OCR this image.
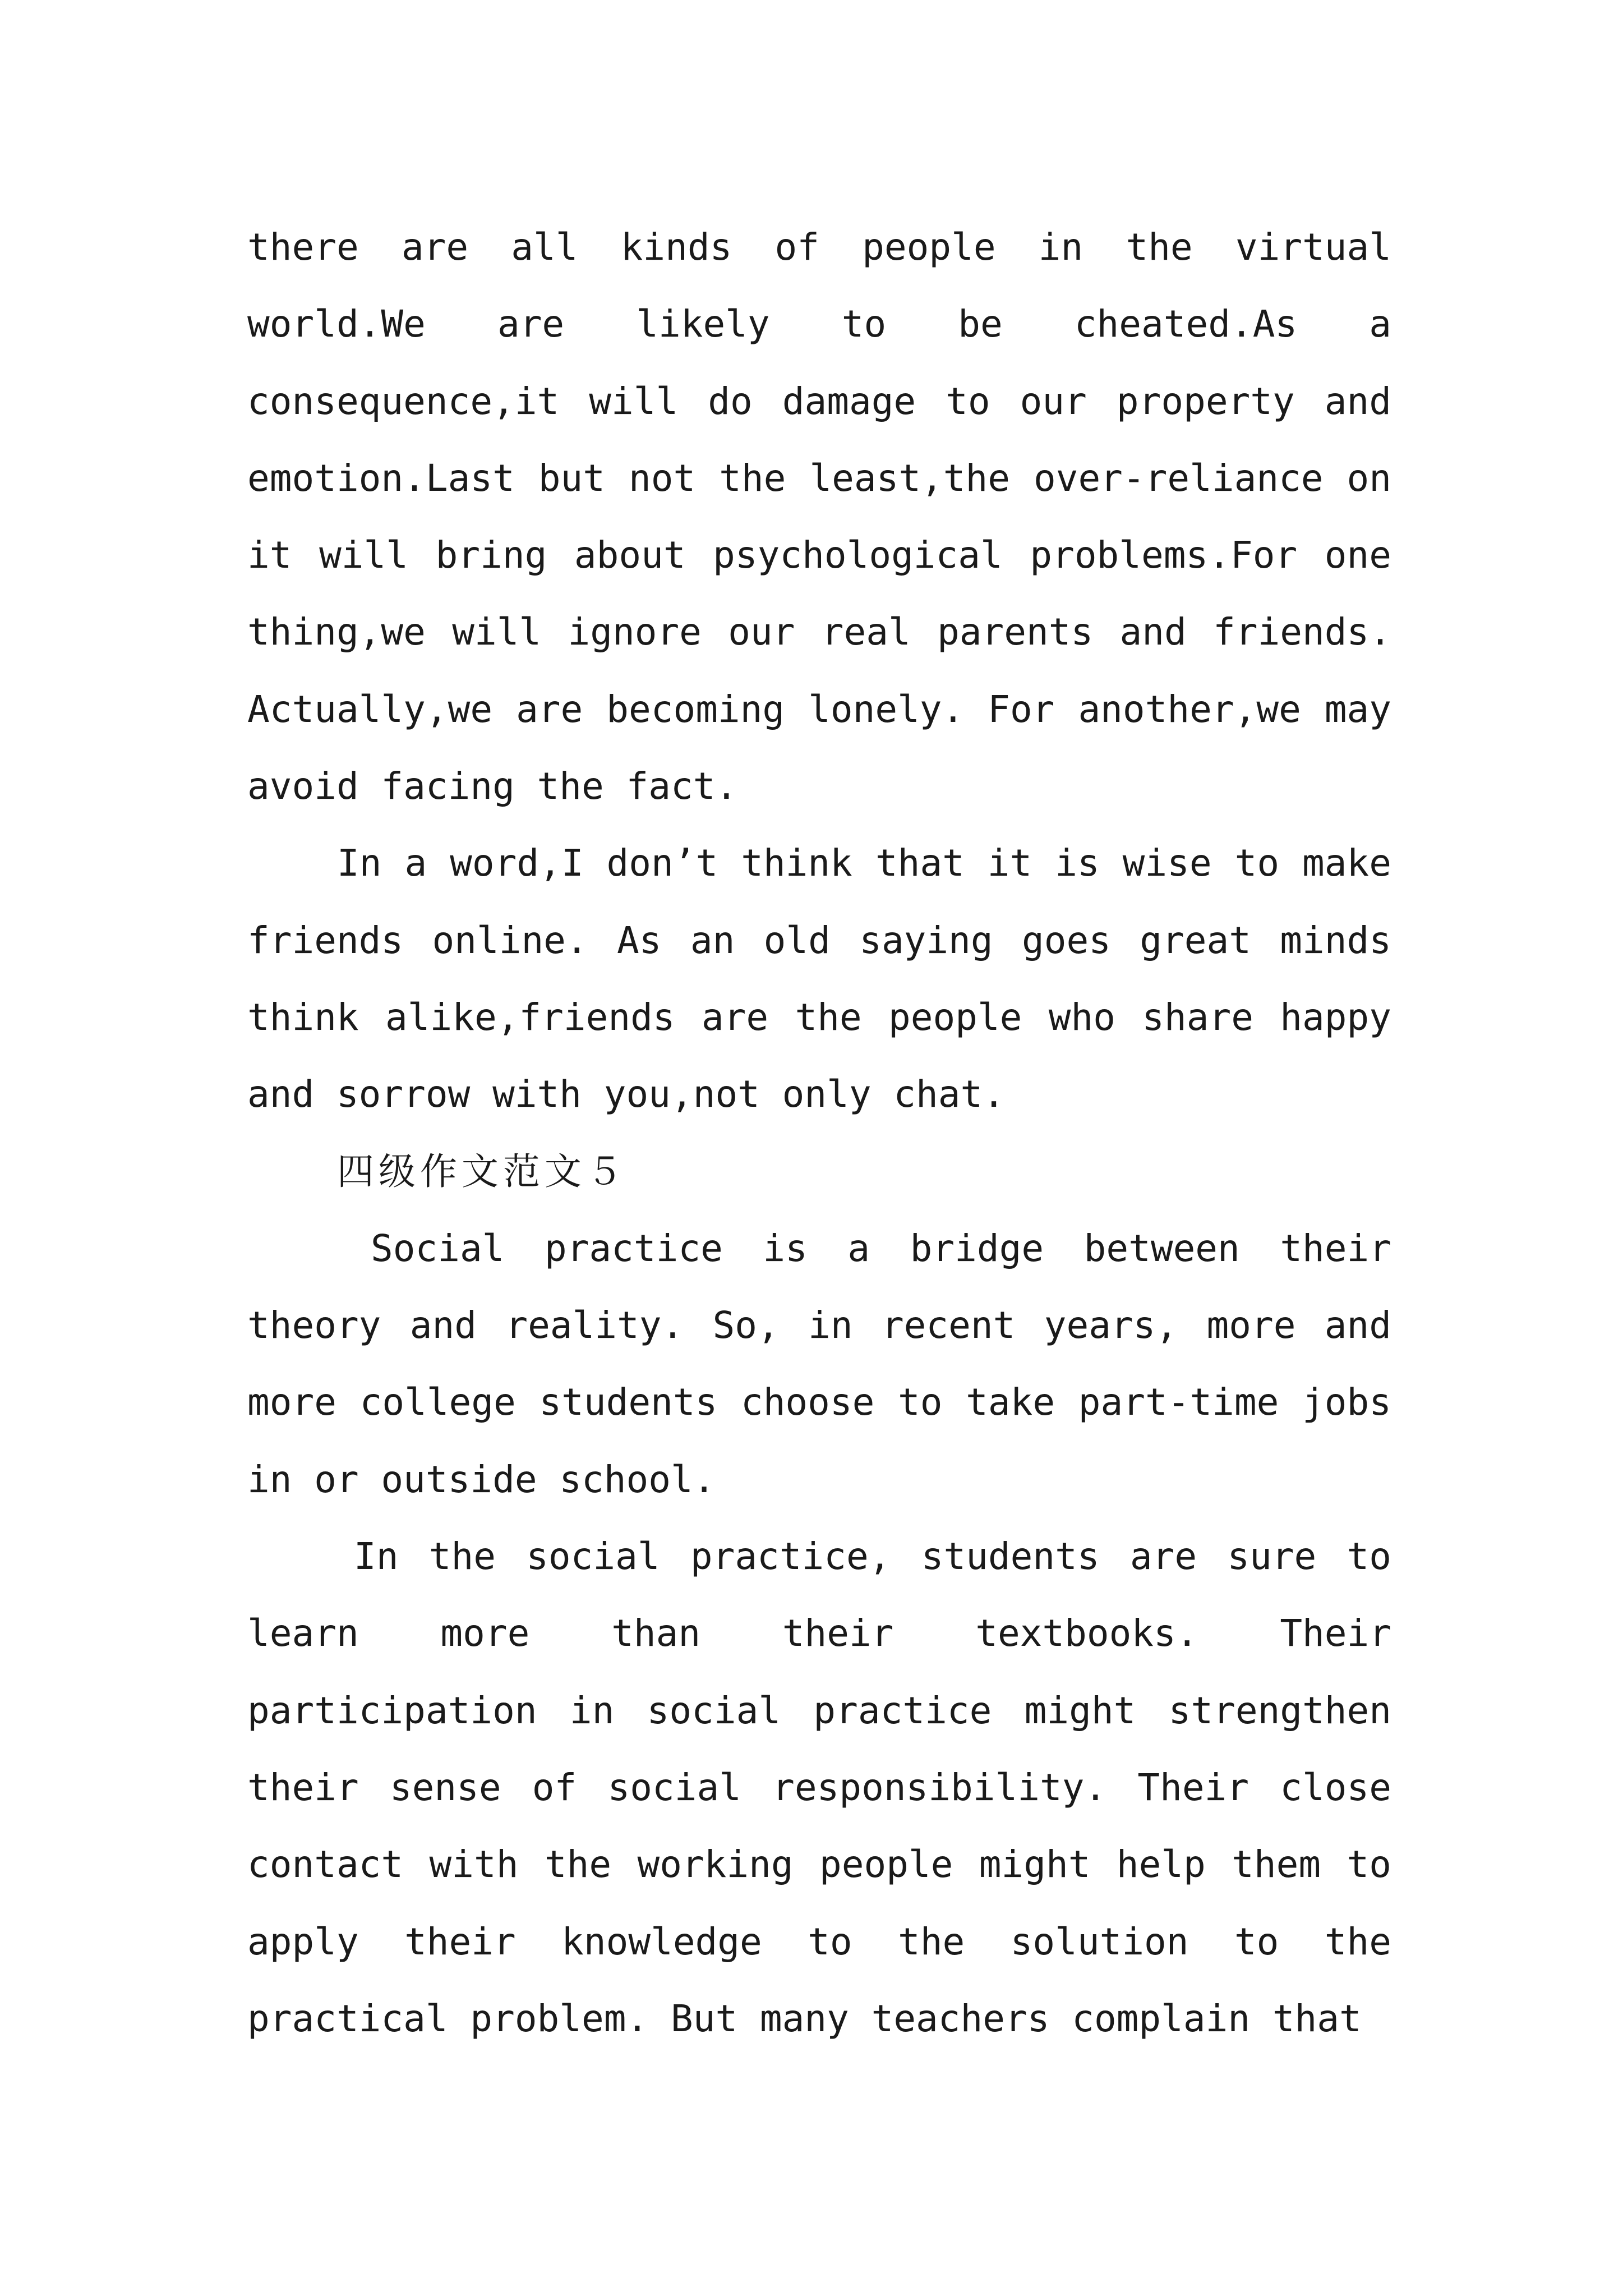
there are all kinds of people in the virtual world.We are likely to be cheated.As a consequence,it will do damage to our property and emotion.Last but not the least,the over-reliance on it will bring about psychological problems.For one thing,we will ignore our real parents and friends. Actually,we are becoming lonely. For another,we may avoid facing the fact.

In a word,I don’t think that it is wise to make friends online. As an old saying goes great minds think alike,friends are the people who share happy and sorrow with you,not only chat.

四级作文范文５

Social practice is a bridge between their theory and reality. So, in recent years, more and more college students choose to take part-time jobs in or outside school.

In the social practice, students are sure to learn more than their textbooks. Their participation in social practice might strengthen their sense of social responsibility. Their close contact with the working people might help them to apply their knowledge to the solution to the practical problem. But many teachers complain that
